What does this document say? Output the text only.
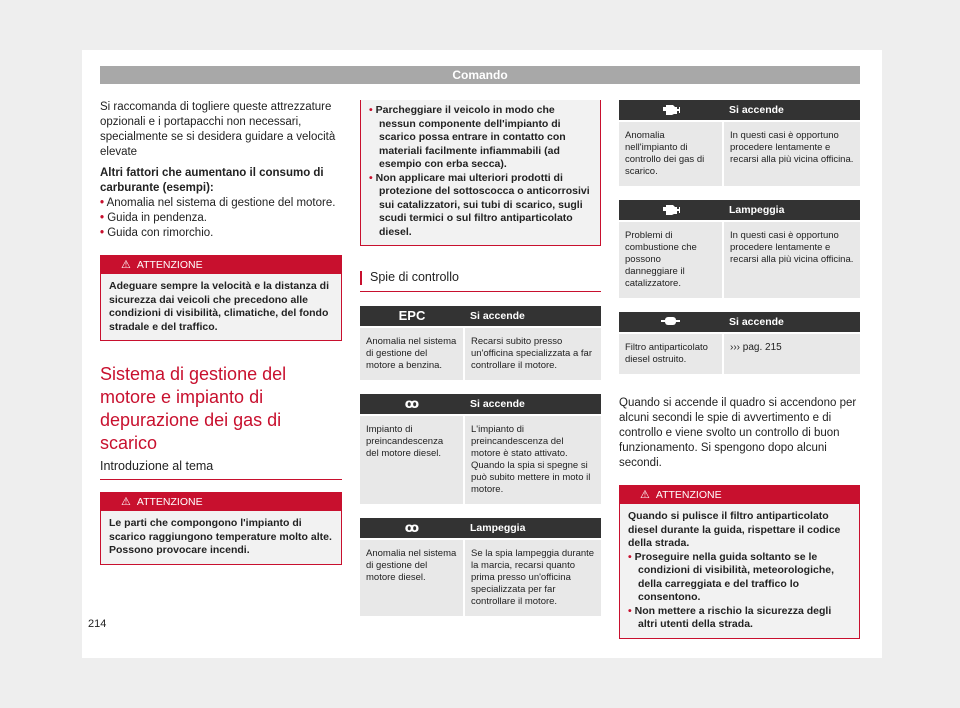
Comando

Si raccomanda di togliere queste attrezzature opzionali e i portapacchi non necessari, specialmente se si desidera guidare a velocità elevate

Altri fattori che aumentano il consumo di carburante (esempi):

• Anomalia nel sistema di gestione del motore.

• Guida in pendenza.

• Guida con rimorchio.

⚠ ATTENZIONE
Adeguare sempre la velocità e la distanza di sicurezza dai veicoli che precedono alle condizioni di visibilità, climatiche, del fondo stradale e del traffico.
Sistema di gestione del motore e impianto di depurazione dei gas di scarico
Introduzione al tema
⚠ ATTENZIONE
Le parti che compongono l'impianto di scarico raggiungono temperature molto alte. Possono provocare incendi.
• Parcheggiare il veicolo in modo che nessun componente dell'impianto di scarico possa entrare in contatto con materiali facilmente infiammabili (ad esempio con erba secca).
• Non applicare mai ulteriori prodotti di protezione del sottoscocca o anticorrosivi sui catalizzatori, sui tubi di scarico, sugli scudi termici o sul filtro antiparticolato diesel.
Spie di controllo
EPC	Si accende
Anomalia nel sistema di gestione del motore a benzina.	Recarsi subito presso un'officina specializzata a far controllare il motore.
ꝏ	Si accende
Impianto di preincandescenza del motore diesel.	L'impianto di preincandescenza del motore è stato attivato. Quando la spia si spegne si può subito mettere in moto il motore.
ꝏ	Lampeggia
Anomalia nel sistema di gestione del motore diesel.	Se la spia lampeggia durante la marcia, recarsi quanto prima presso un'officina specializzata per far controllare il motore.
	Si accende
Anomalia nell'impianto di controllo dei gas di scarico.	In questi casi è opportuno procedere lentamente e recarsi alla più vicina officina.
	Lampeggia
Problemi di combustione che possono danneggiare il catalizzatore.	In questi casi è opportuno procedere lentamente e recarsi alla più vicina officina.
	Si accende
Filtro antiparticolato diesel ostruito.	››› pag. 215

Quando si accende il quadro si accendono per alcuni secondi le spie di avvertimento e di controllo e viene svolto un controllo di buon funzionamento. Si spengono dopo alcuni secondi.

⚠ ATTENZIONE
Quando si pulisce il filtro antiparticolato diesel durante la guida, rispettare il codice della strada.
• Proseguire nella guida soltanto se le condizioni di visibilità, meteorologiche, della carreggiata e del traffico lo consentono.
• Non mettere a rischio la sicurezza degli altri utenti della strada.
214
